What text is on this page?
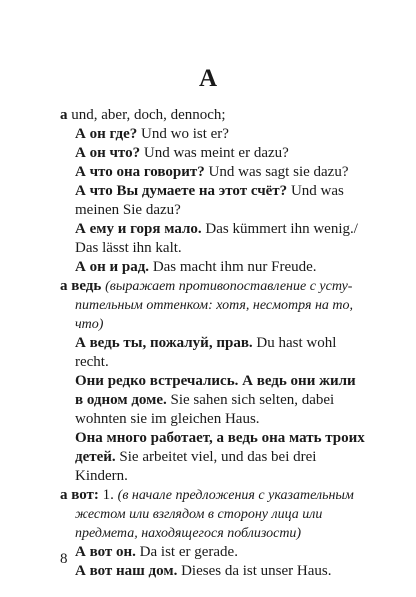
А
а und, aber, doch, dennoch;
А он где? Und wo ist er?
А он что? Und was meint er dazu?
А что она говорит? Und was sagt sie dazu?
А что Вы думаете на этот счёт? Und was
meinen Sie dazu?
А ему и горя мало. Das kümmert ihn wenig./
Das lässt ihn kalt.
А он и рад. Das macht ihm nur Freude.
а ведь (выражает противопоставление с усту-
пительным оттенком: хотя, несмотря на то,
что)
А ведь ты, пожалуй, прав. Du hast wohl
recht.
Они редко встречались. А ведь они жили
в одном доме. Sie sahen sich selten, dabei
wohnten sie im gleichen Haus.
Она много работает, а ведь она мать троих
детей. Sie arbeitet viel, und das bei drei
Kindern.
а вот: 1. (в начале предложения с указательным
жестом или взглядом в сторону лица или
предмета, находящегося поблизости)
А вот он. Da ist er gerade.
А вот наш дом. Dieses da ist unser Haus.
8
